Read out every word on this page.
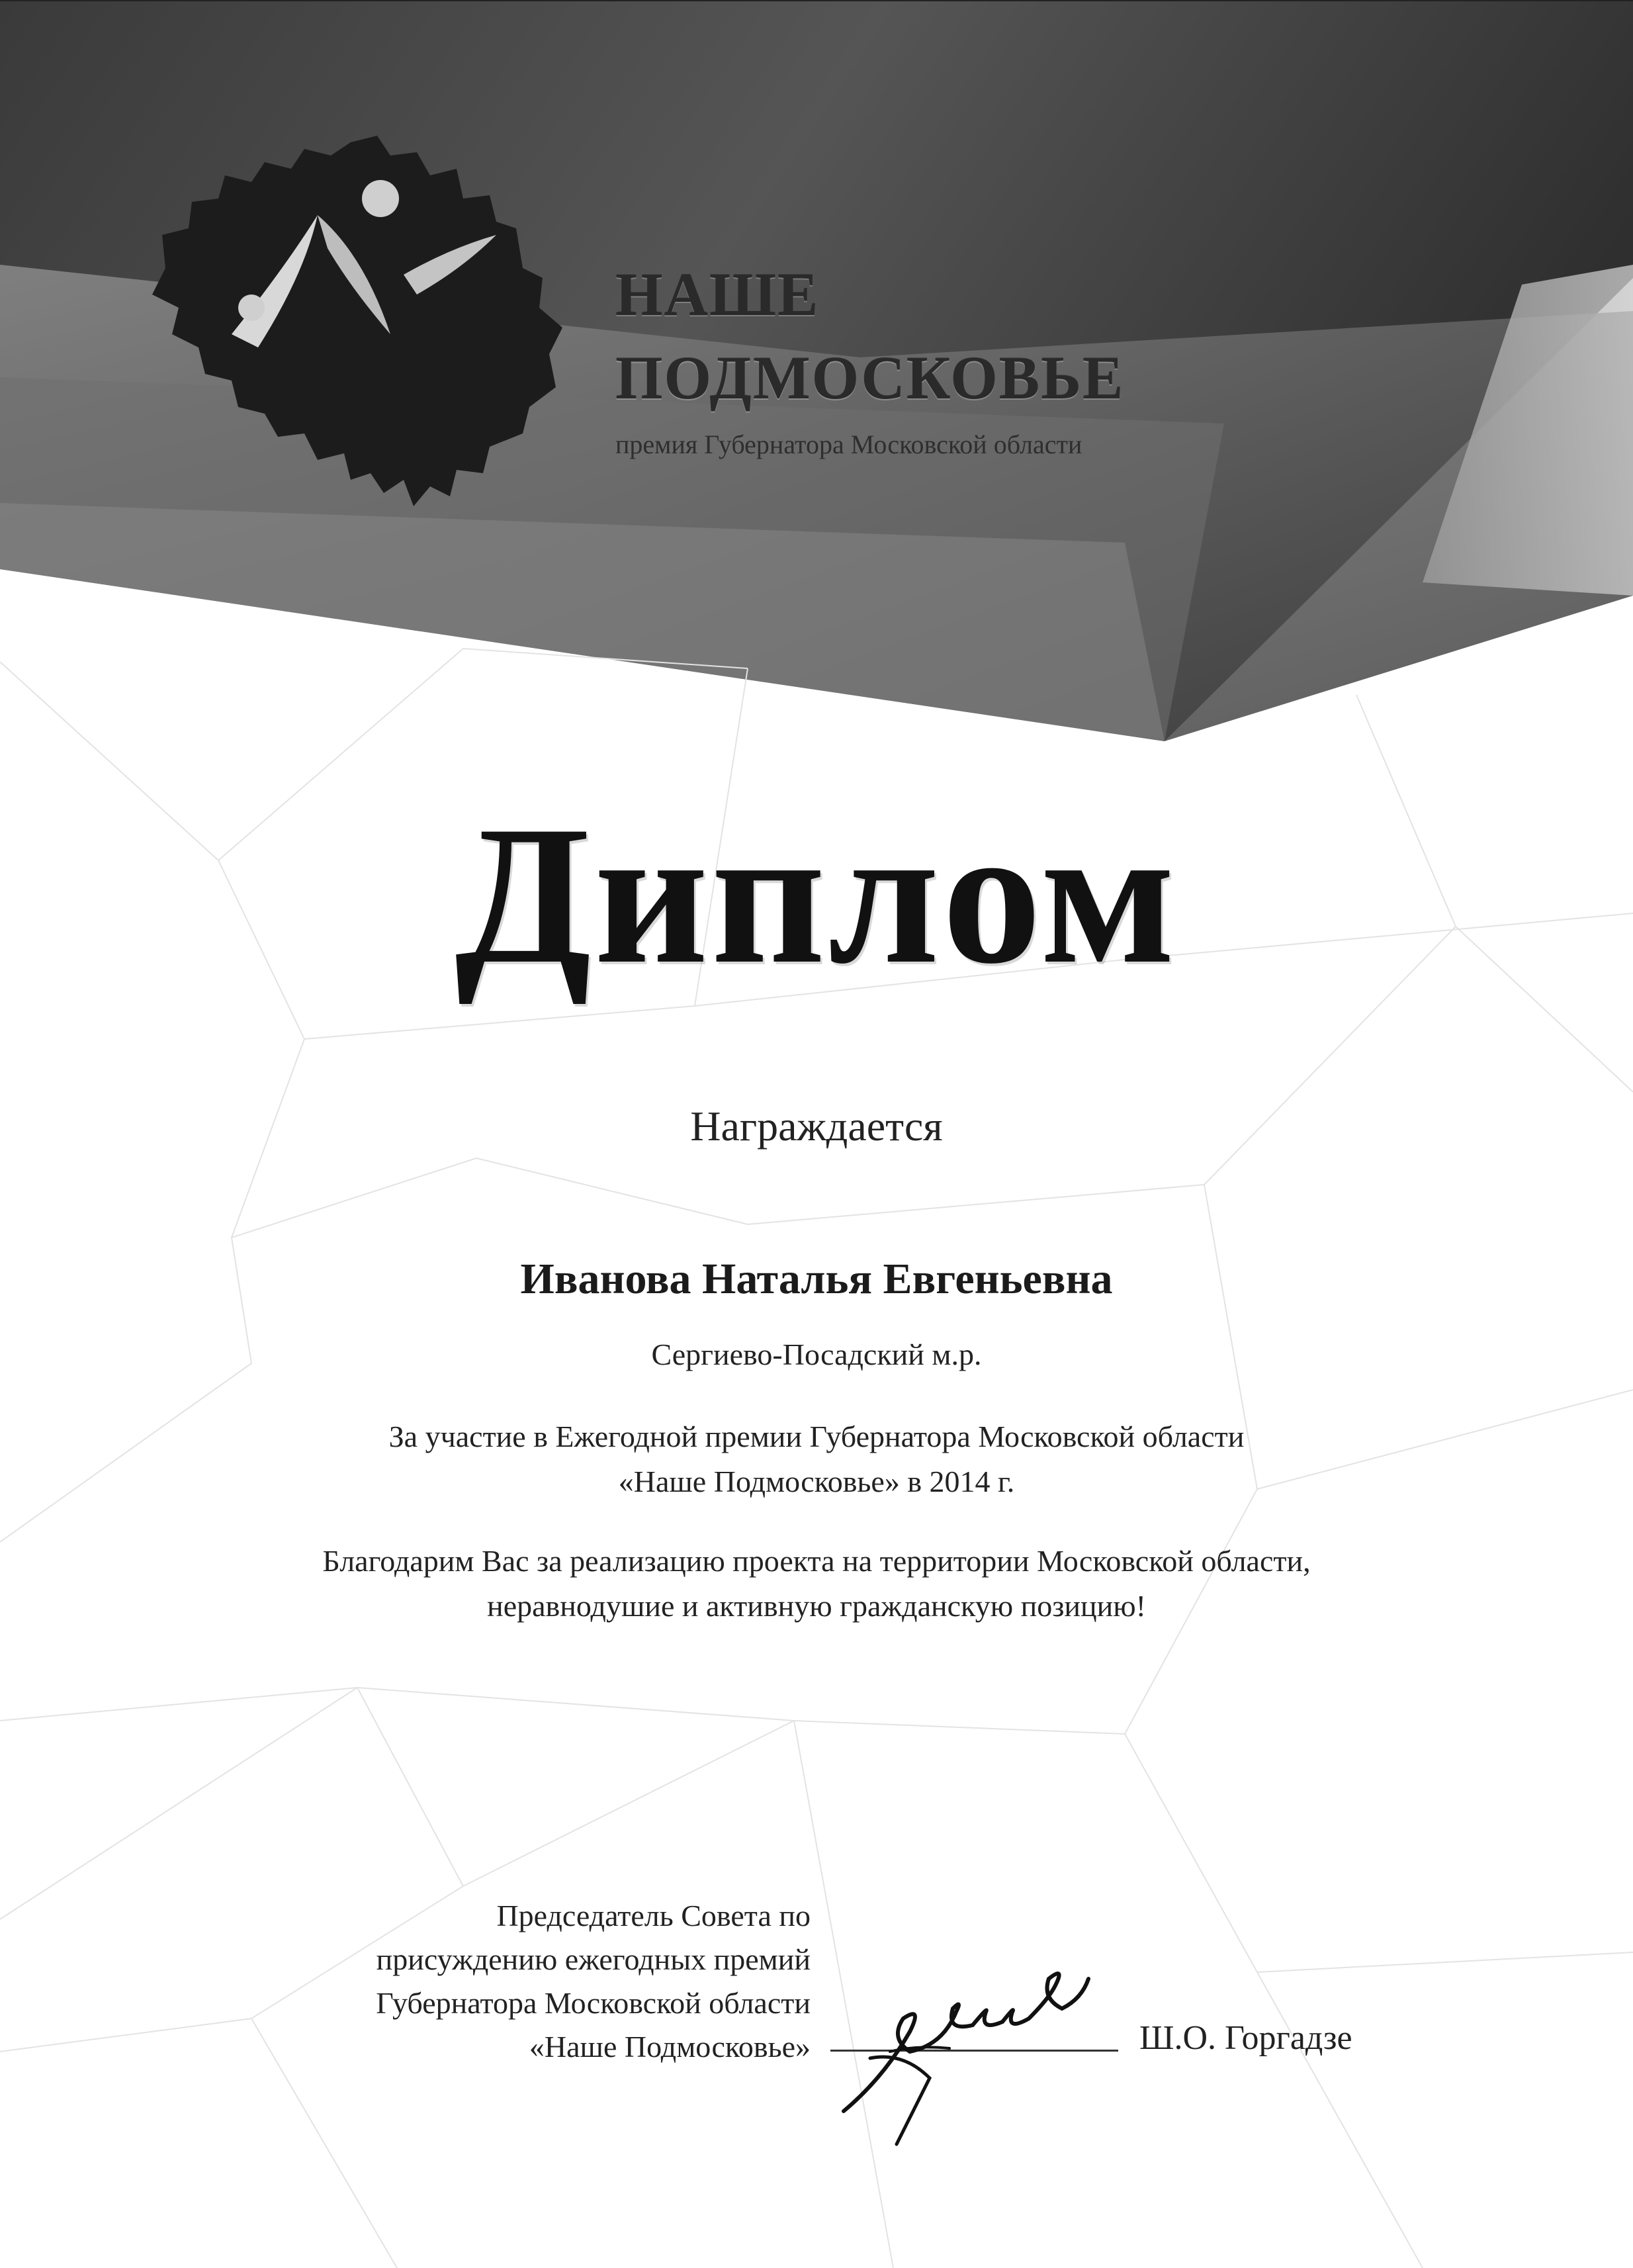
НАШЕ
ПОДМОСКОВЬЕ
премия Губернатора Московской области
Диплом
Награждается
Иванова Наталья Евгеньевна
Сергиево-Посадский м.р.
За участие в Ежегодной премии Губернатора Московской области
«Наше Подмосковье» в 2014 г.
Благодарим Вас за реализацию проекта на территории Московской области,
неравнодушие и активную гражданскую позицию!
Председатель Совета по
присуждению ежегодных премий
Губернатора Московской области
«Наше Подмосковье»	Ш.О. Горгадзе
